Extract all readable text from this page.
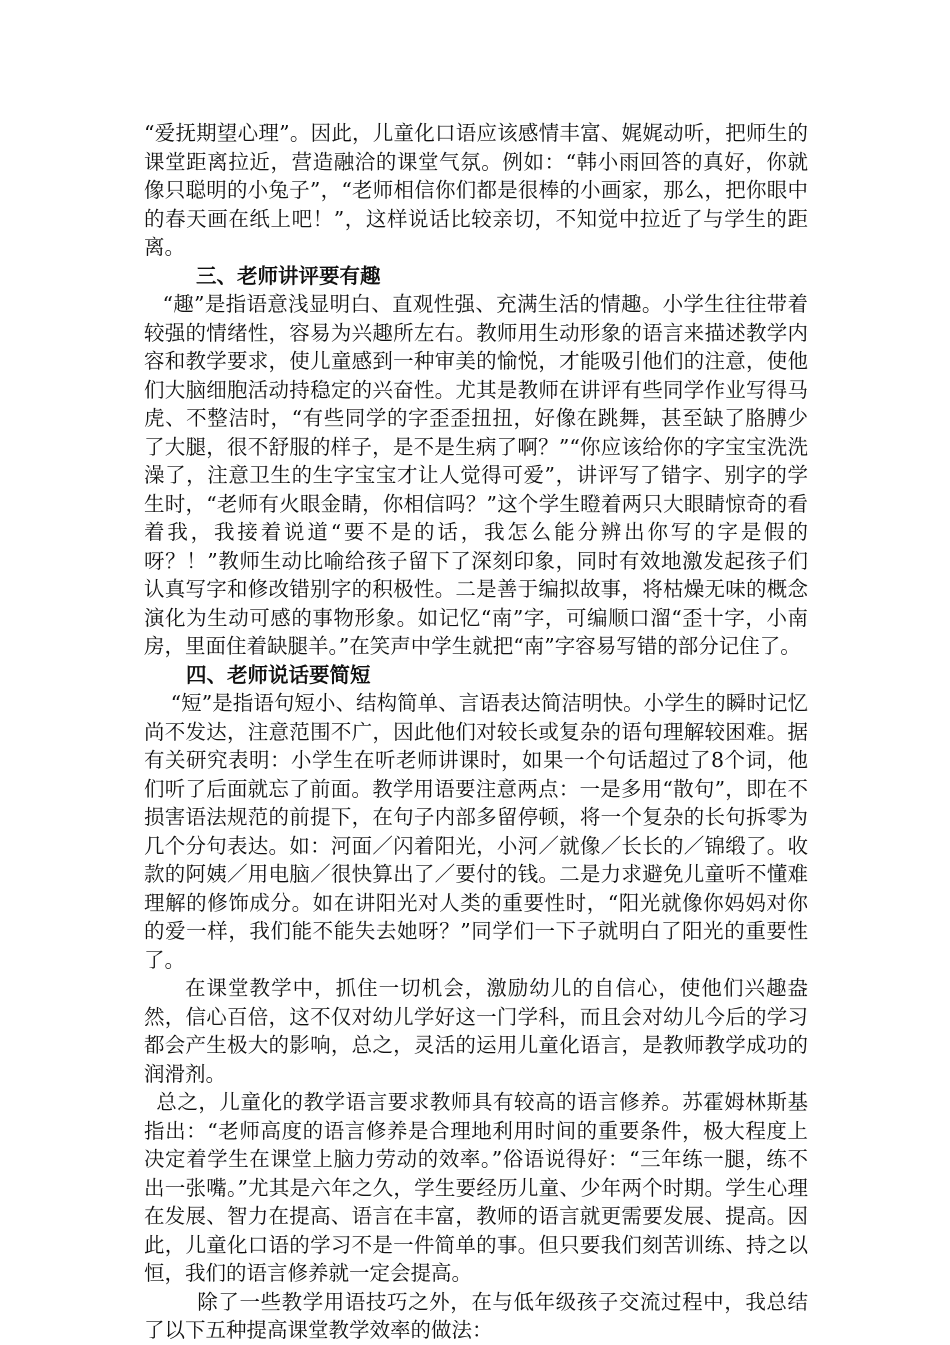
“爱抚期望心理”。因此，儿童化口语应该感情丰富、娓娓动听，把师生的课堂距离拉近，营造融洽的课堂气氛。例如：“韩小雨回答的真好，你就像只聪明的小兔子”，“老师相信你们都是很棒的小画家，那么，把你眼中的春天画在纸上吧！”，这样说话比较亲切，不知觉中拉近了与学生的距离。

三、老师讲评要有趣

“趣”是指语意浅显明白、直观性强、充满生活的情趣。小学生往往带着较强的情绪性，容易为兴趣所左右。教师用生动形象的语言来描述教学内容和教学要求，使儿童感到一种审美的愉悦，才能吸引他们的注意，使他们大脑细胞活动持稳定的兴奋性。尤其是教师在讲评有些同学作业写得马虎、不整洁时，“有些同学的字歪歪扭扭，好像在跳舞，甚至缺了胳膊少了大腿，很不舒服的样子，是不是生病了啊？”“你应该给你的字宝宝洗洗澡了，注意卫生的生字宝宝才让人觉得可爱”，讲评写了错字、别字的学生时，“老师有火眼金睛，你相信吗？”这个学生瞪着两只大眼睛惊奇的看着我，我接着说道“要不是的话，我怎么能分辨出你写的字是假的呀？！”教师生动比喻给孩子留下了深刻印象，同时有效地激发起孩子们认真写字和修改错别字的积极性。二是善于编拟故事，将枯燥无味的概念演化为生动可感的事物形象。如记忆“南”字，可编顺口溜“歪十字，小南房，里面住着缺腿羊。”在笑声中学生就把“南”字容易写错的部分记住了。

四、老师说话要简短

“短”是指语句短小、结构简单、言语表达简洁明快。小学生的瞬时记忆尚不发达，注意范围不广，因此他们对较长或复杂的语句理解较困难。据有关研究表明：小学生在听老师讲课时，如果一个句话超过了8个词，他们听了后面就忘了前面。教学用语要注意两点：一是多用“散句”，即在不损害语法规范的前提下，在句子内部多留停顿，将一个复杂的长句拆零为几个分句表达。如：河面／闪着阳光，小河／就像／长长的／锦缎了。收款的阿姨／用电脑／很快算出了／要付的钱。二是力求避免儿童听不懂难理解的修饰成分。如在讲阳光对人类的重要性时，“阳光就像你妈妈对你的爱一样，我们能不能失去她呀？”同学们一下子就明白了阳光的重要性了。

在课堂教学中，抓住一切机会，激励幼儿的自信心，使他们兴趣盎然，信心百倍，这不仅对幼儿学好这一门学科，而且会对幼儿今后的学习都会产生极大的影响，总之，灵活的运用儿童化语言，是教师教学成功的润滑剂。

总之，儿童化的教学语言要求教师具有较高的语言修养。苏霍姆林斯基指出：“老师高度的语言修养是合理地利用时间的重要条件，极大程度上决定着学生在课堂上脑力劳动的效率。”俗语说得好：“三年练一腿，练不出一张嘴。”尤其是六年之久，学生要经历儿童、少年两个时期。学生心理在发展、智力在提高、语言在丰富，教师的语言就更需要发展、提高。因此，儿童化口语的学习不是一件简单的事。但只要我们刻苦训练、持之以恒，我们的语言修养就一定会提高。

除了一些教学用语技巧之外，在与低年级孩子交流过程中，我总结了以下五种提高课堂教学效率的做法：
